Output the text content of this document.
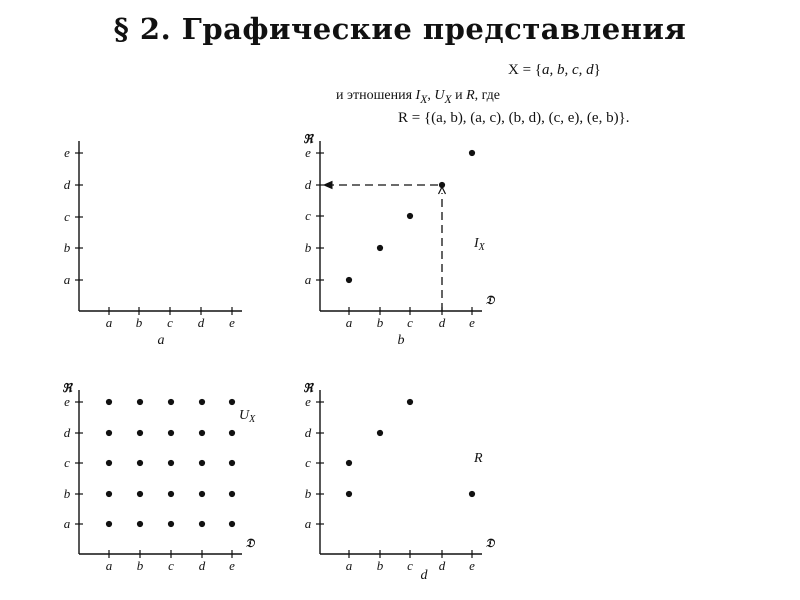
§ 2. Графические представления
X = {a, b, c, d}
и этношения $I_X$, $U_X$ и R, где
R = {(a, b), (a, c), (b, d), (c, e), (e, b)}.
a
b
c
d
e
a b c d e
a
a
b
c
d
e
a b c d e
ℜ
𝔇
$I_X$
b
a
b
c
d
e
a b c d e
ℜ
𝔇
$U_X$
a
b
c
d
e
a b c d e
ℜ
𝔇
R
d
